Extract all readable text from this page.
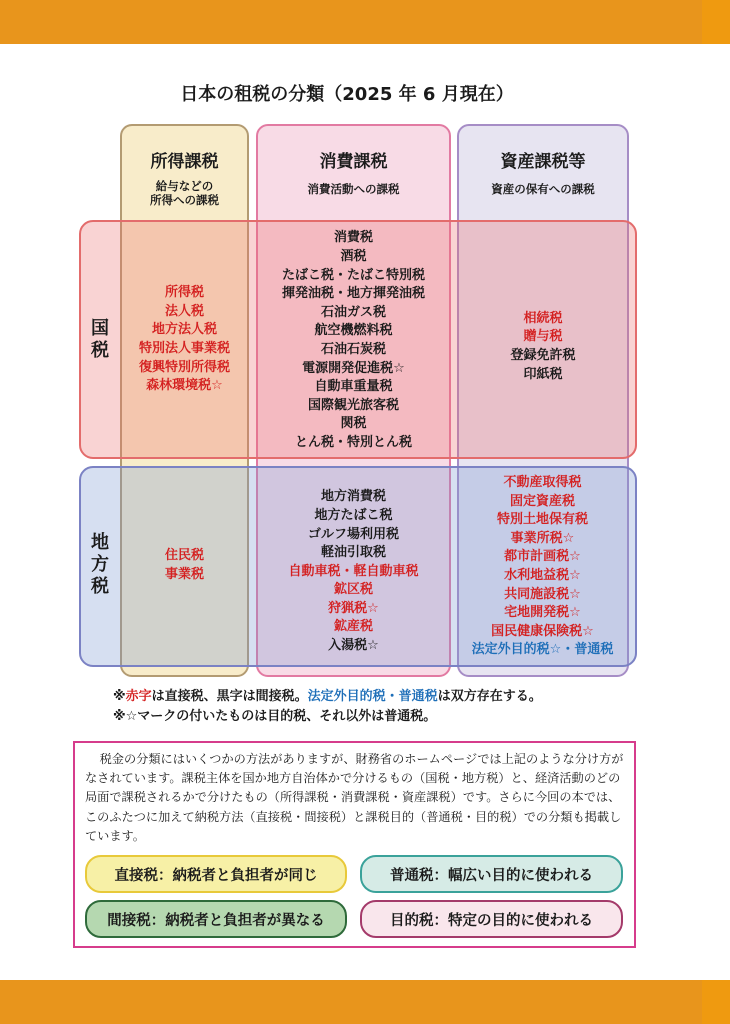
日本の租税の分類（2025 年 6 月現在）
所得課税
給与などの
所得への課税
消費課税
消費活動への課税
資産課税等
資産の保有への課税
国税
地方税
所得税
法人税
地方法人税
特別法人事業税
復興特別所得税
森林環境税☆
消費税
酒税
たばこ税・たばこ特別税
揮発油税・地方揮発油税
石油ガス税
航空機燃料税
石油石炭税
電源開発促進税☆
自動車重量税
国際観光旅客税
関税
とん税・特別とん税
相続税
贈与税
登録免許税
印紙税
住民税
事業税
地方消費税
地方たばこ税
ゴルフ場利用税
軽油引取税
自動車税・軽自動車税
鉱区税
狩猟税☆
鉱産税
入湯税☆
不動産取得税
固定資産税
特別土地保有税
事業所税☆
都市計画税☆
水利地益税☆
共同施設税☆
宅地開発税☆
国民健康保険税☆
法定外目的税☆・普通税
※赤字は直接税、黒字は間接税。法定外目的税・普通税は双方存在する。
※☆マークの付いたものは目的税、それ以外は普通税。

税金の分類にはいくつかの方法がありますが、財務省のホームページでは上記のような分け方がなされています。課税主体を国か地方自治体かで分けるもの（国税・地方税）と、経済活動のどの局面で課税されるかで分けたもの（所得課税・消費課税・資産課税）です。さらに今回の本では、このふたつに加えて納税方法（直接税・間接税）と課税目的（普通税・目的税）での分類も掲載しています。

直接税：納税者と負担者が同じ
間接税：納税者と負担者が異なる
普通税：幅広い目的に使われる
目的税：特定の目的に使われる
